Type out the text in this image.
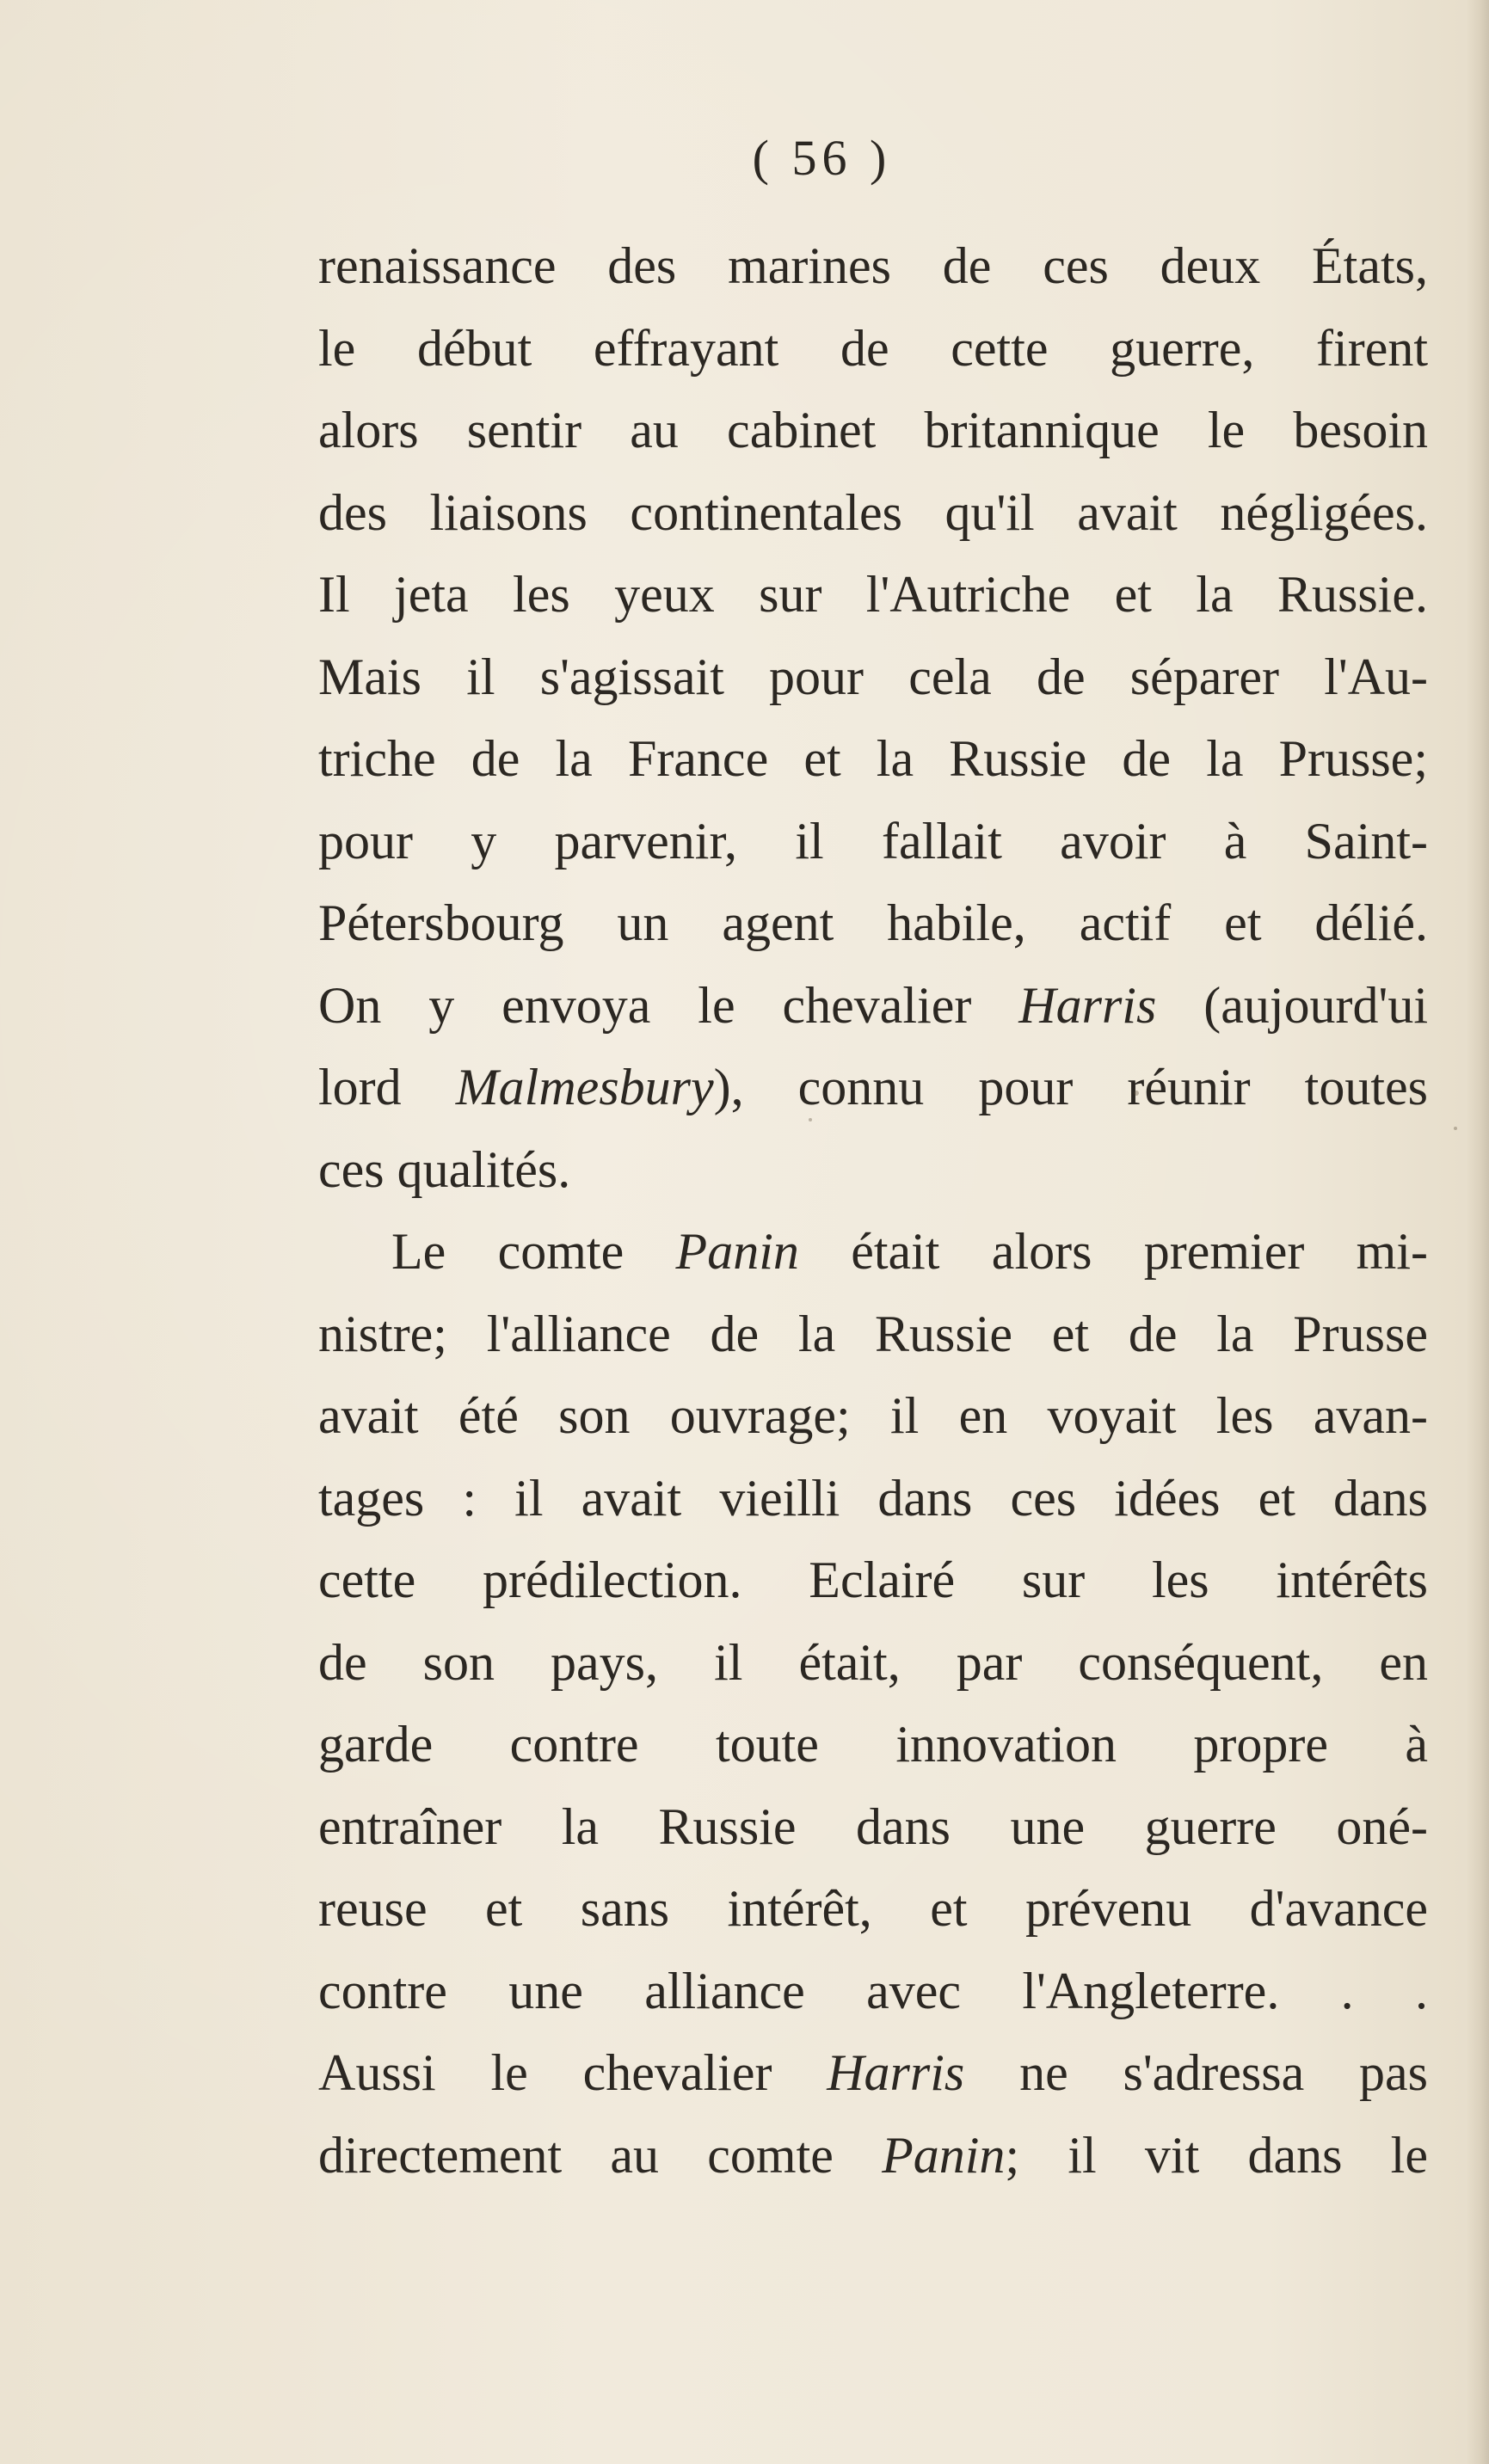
( 56 )
renaissance des marines de ces deux États,
le début effrayant de cette guerre, firent
alors sentir au cabinet britannique le besoin
des liaisons continentales qu'il avait négligées.
Il jeta les yeux sur l'Autriche et la Russie.
Mais il s'agissait pour cela de séparer l'Au-
triche de la France et la Russie de la Prusse;
pour y parvenir, il fallait avoir à Saint-
Pétersbourg un agent habile, actif et délié.
On y envoya le chevalier Harris (aujourd'ui
lord Malmesbury), connu pour réunir toutes
ces qualités.
Le comte Panin était alors premier mi-
nistre; l'alliance de la Russie et de la Prusse
avait été son ouvrage; il en voyait les avan-
tages : il avait vieilli dans ces idées et dans
cette prédilection. Eclairé sur les intérêts
de son pays, il était, par conséquent, en
garde contre toute innovation propre à
entraîner la Russie dans une guerre oné-
reuse et sans intérêt, et prévenu d'avance
contre une alliance avec l'Angleterre. . .
Aussi le chevalier Harris ne s'adressa pas
directement au comte Panin; il vit dans le
